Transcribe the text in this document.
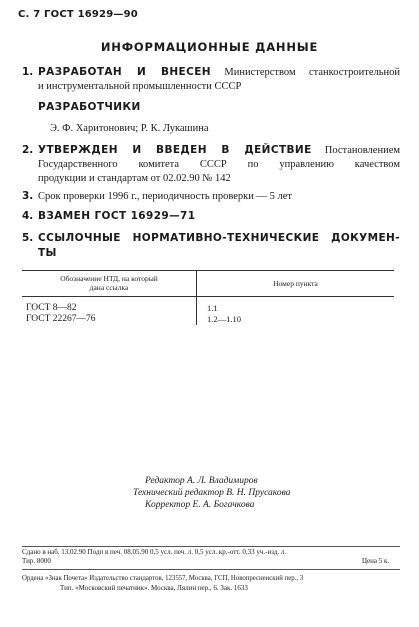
С. 7 ГОСТ 16929—90
ИНФОРМАЦИОННЫЕ ДАННЫЕ
1. РАЗРАБОТАН И ВНЕСЕН Министерством станкостроительной
и инструментальной промышленности СССР
РАЗРАБОТЧИКИ
Э. Ф. Харитонович; Р. К. Лукашина
2. УТВЕРЖДЕН И ВВЕДЕН В ДЕЙСТВИЕ Постановлением
Государственного комитета СССР по управлению качеством
продукции и стандартам от 02.02.90 № 142
3. Срок проверки 1996 г., периодичность проверки — 5 лет
4. ВЗАМЕН ГОСТ 16929—71
5. ССЫЛОЧНЫЕ НОРМАТИВНО-ТЕХНИЧЕСКИЕ ДОКУМЕН-
ТЫ
Обозначение НТД, на который
дана ссылка	Номер пункта

ГОСТ 8—82	1.1
ГОСТ 22267—76	1.2—1.10
Редактор А. Л. Владимиров
Технический редактор В. Н. Прусакова
Корректор Е. А. Богачкова
Сдано в наб. 13.02.90 Подп в печ. 08.05.90 0,5 усл. печ. л. 0,5 усл. кр.-отт. 0,33 уч.-изд. л.
Тир. 8000	Цена 5 к.
Ордена «Знак Почета» Издательство стандартов, 123557, Москва, ГСП, Новопресненский пер., 3
Тип. «Московский печатник». Москва, Лялин пер., 6. Зак. 1633
